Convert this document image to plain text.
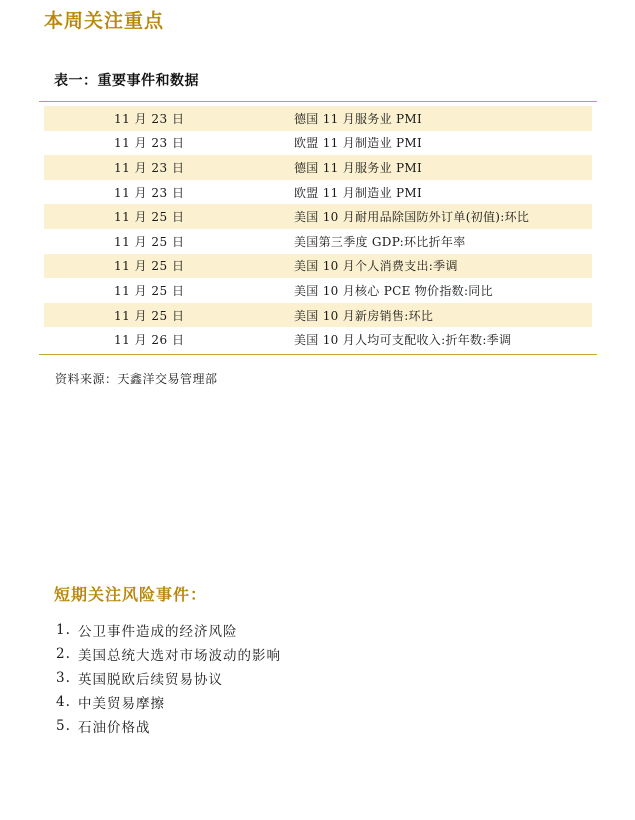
本周关注重点
表一：重要事件和数据
11 月 23 日	德国 11 月服务业 PMI
11 月 23 日	欧盟 11 月制造业 PMI
11 月 23 日	德国 11 月服务业 PMI
11 月 23 日	欧盟 11 月制造业 PMI
11 月 25 日	美国 10 月耐用品除国防外订单(初值):环比
11 月 25 日	美国第三季度 GDP:环比折年率
11 月 25 日	美国 10 月个人消费支出:季调
11 月 25 日	美国 10 月核心 PCE 物价指数:同比
11 月 25 日	美国 10 月新房销售:环比
11 月 26 日	美国 10 月人均可支配收入:折年数:季调

资料来源：天鑫洋交易管理部

短期关注风险事件：
1. 公卫事件造成的经济风险
2. 美国总统大选对市场波动的影响
3. 英国脱欧后续贸易协议
4. 中美贸易摩擦
5. 石油价格战
